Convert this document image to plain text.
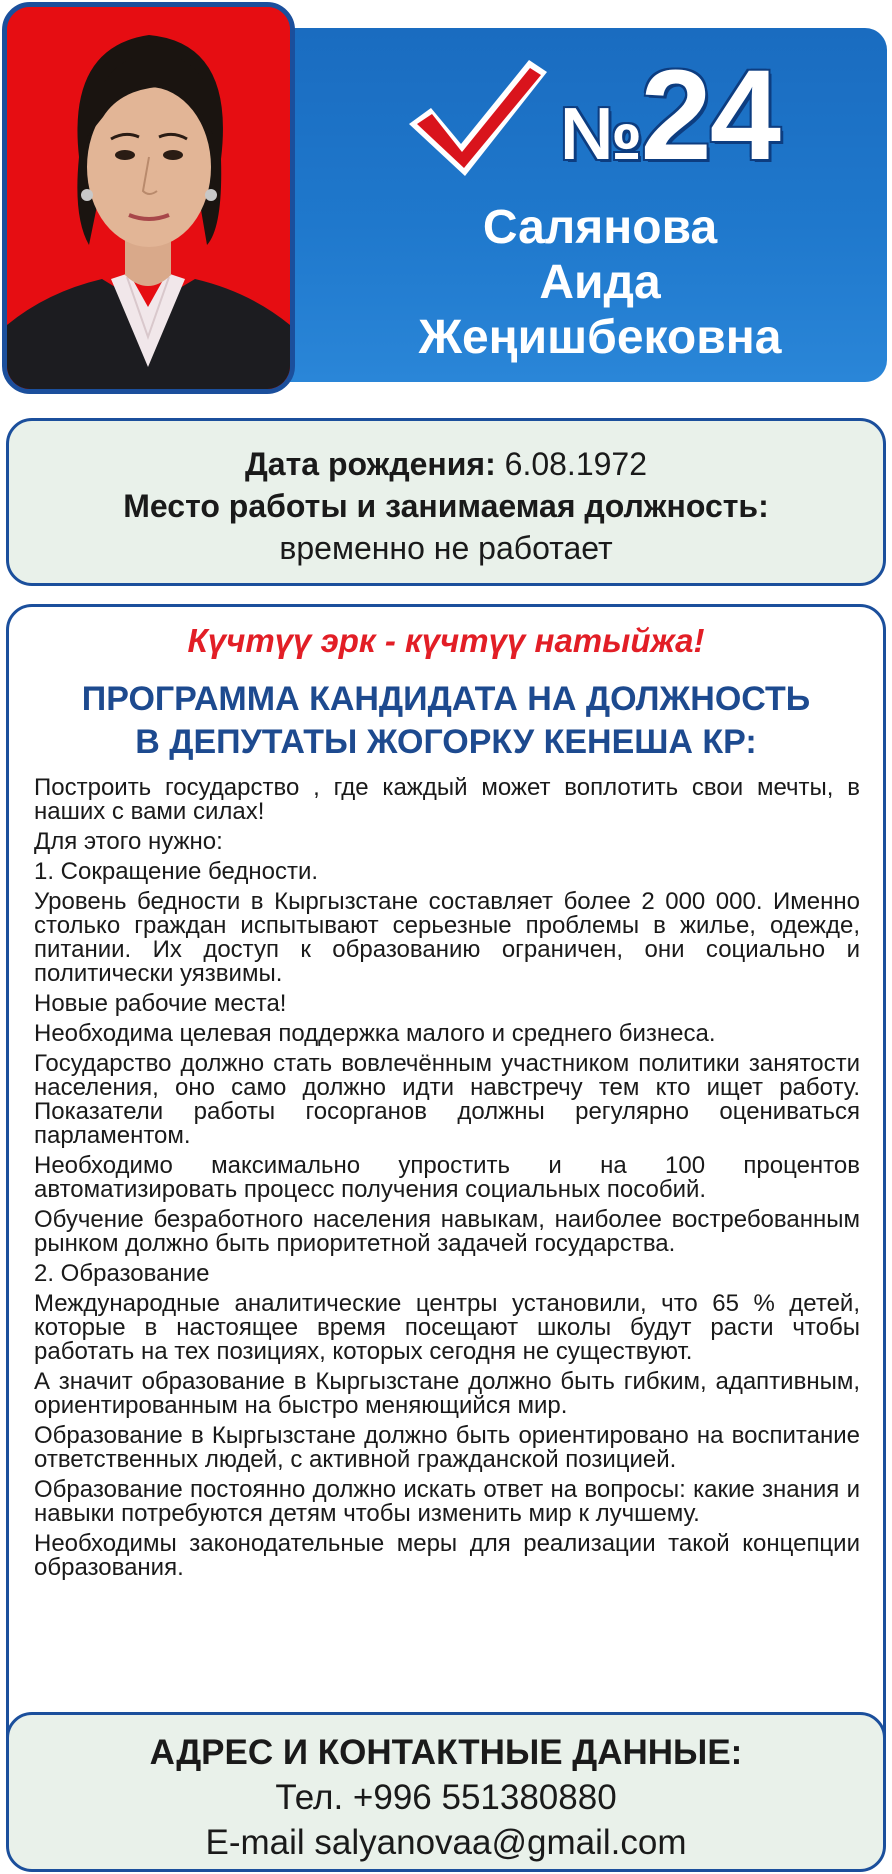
№24
Салянова
Аида
Жеңишбековна
Дата рождения: 6.08.1972
Место работы и занимаемая должность:
временно не работает
Күчтүү эрк - күчтүү натыйжа!
ПРОГРАММА КАНДИДАТА НА ДОЛЖНОСТЬ
В ДЕПУТАТЫ ЖОГОРКУ КЕНЕША КР:

Построить государство , где каждый может воплотить свои мечты, в наших с вами силах!

Для этого нужно:

1. Сокращение бедности.

Уровень бедности в Кыргызстане составляет более 2 000 000. Именно столько граждан испытывают серьезные проблемы в жилье, одежде, питании. Их доступ к образованию ограничен, они социально и политически уязвимы.

Новые рабочие места!

Необходима целевая поддержка малого и среднего бизнеса.

Государство должно стать вовлечённым участником политики занятости населения, оно само должно идти навстречу тем кто ищет работу. Показатели работы госорганов должны регулярно оцениваться парламентом.

Необходимо максимально упростить и на 100 процентов автоматизировать процесс получения социальных пособий.

Обучение безработного населения навыкам, наиболее востребованным рынком должно быть приоритетной задачей государства.

2. Образование

Международные аналитические центры установили, что 65 % детей, которые в настоящее время посещают школы будут расти чтобы работать на тех позициях, которых сегодня не существуют.

А значит образование в Кыргызстане должно быть гибким, адаптивным, ориентированным на быстро меняющийся мир.

Образование в Кыргызстане должно быть ориентировано на воспитание ответственных людей, с активной гражданской позицией.

Образование постоянно должно искать ответ на вопросы: какие знания и навыки потребуются детям чтобы изменить мир к лучшему.

Необходимы законодательные меры для реализации такой концепции образования.

АДРЕС И КОНТАКТНЫЕ ДАННЫЕ:
Тел. +996 551380880
E-mail salyanovaa@gmail.com
